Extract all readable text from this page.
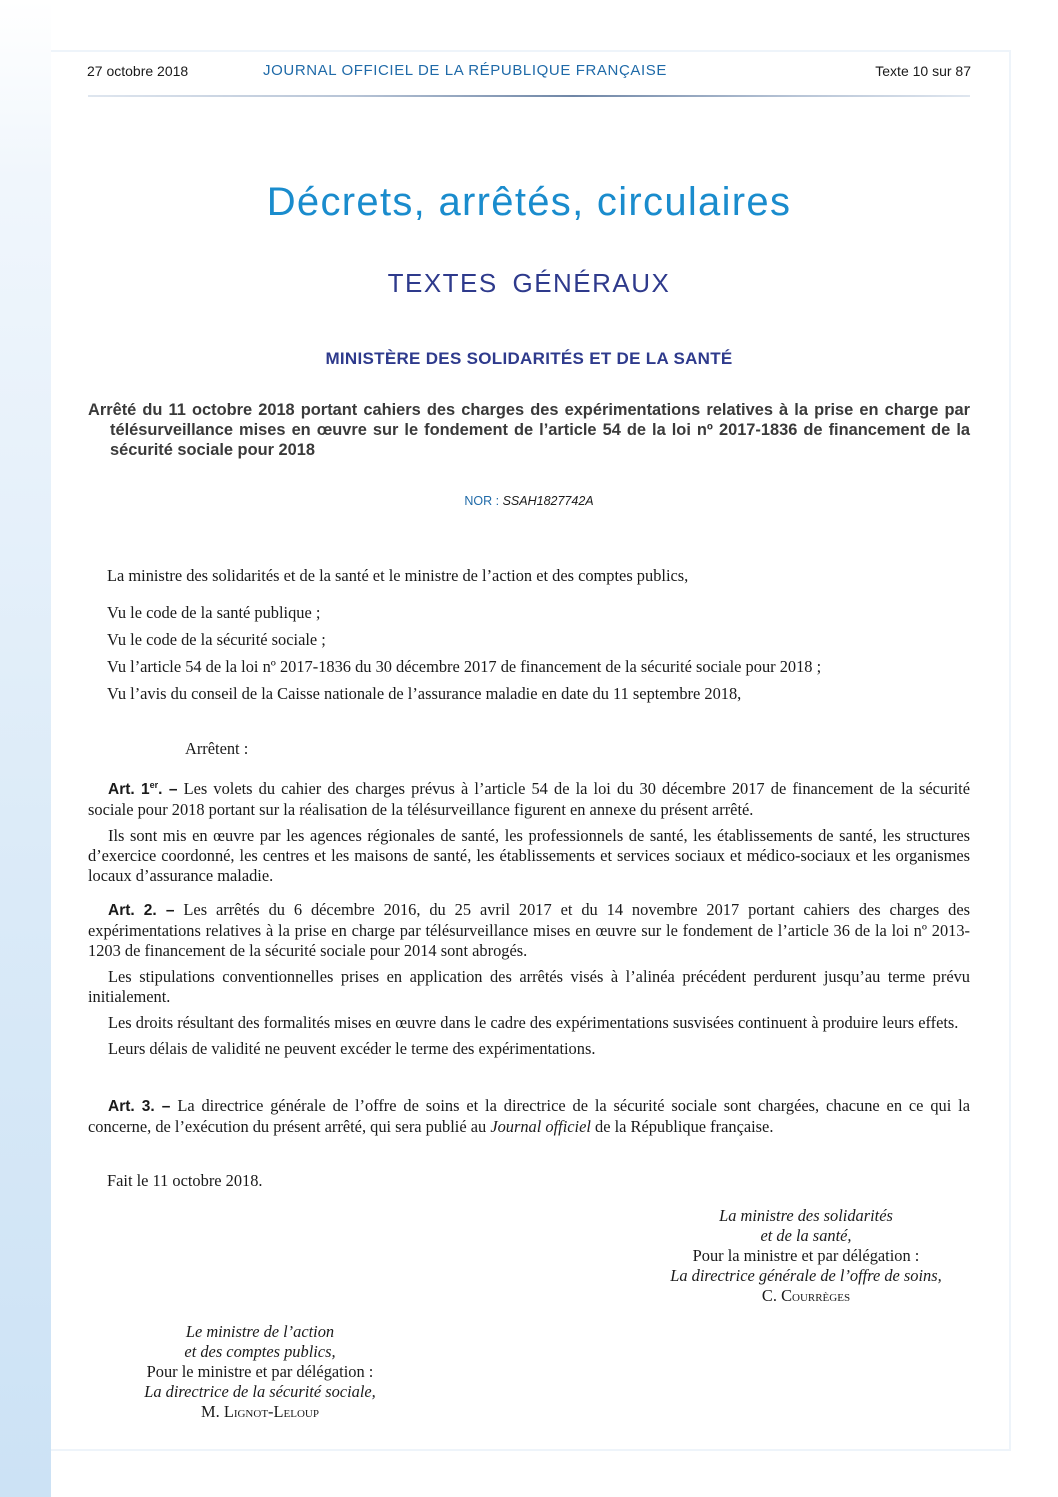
27 octobre 2018	JOURNAL OFFICIEL DE LA RÉPUBLIQUE FRANÇAISE	Texte 10 sur 87
Décrets, arrêtés, circulaires
TEXTES GÉNÉRAUX
MINISTÈRE DES SOLIDARITÉS ET DE LA SANTÉ
Arrêté du 11 octobre 2018 portant cahiers des charges des expérimentations relatives à la prise en charge par télésurveillance mises en œuvre sur le fondement de l’article 54 de la loi nº 2017-1836 de financement de la sécurité sociale pour 2018
NOR : SSAH1827742A
La ministre des solidarités et de la santé et le ministre de l’action et des comptes publics,
Vu le code de la santé publique ;
Vu le code de la sécurité sociale ;
Vu l’article 54 de la loi nº 2017-1836 du 30 décembre 2017 de financement de la sécurité sociale pour 2018 ;
Vu l’avis du conseil de la Caisse nationale de l’assurance maladie en date du 11 septembre 2018,
Arrêtent :

Art. 1er. – Les volets du cahier des charges prévus à l’article 54 de la loi du 30 décembre 2017 de financement de la sécurité sociale pour 2018 portant sur la réalisation de la télésurveillance figurent en annexe du présent arrêté.

Ils sont mis en œuvre par les agences régionales de santé, les professionnels de santé, les établissements de santé, les structures d’exercice coordonné, les centres et les maisons de santé, les établissements et services sociaux et médico-sociaux et les organismes locaux d’assurance maladie.

Art. 2. – Les arrêtés du 6 décembre 2016, du 25 avril 2017 et du 14 novembre 2017 portant cahiers des charges des expérimentations relatives à la prise en charge par télésurveillance mises en œuvre sur le fondement de l’article 36 de la loi nº 2013-1203 de financement de la sécurité sociale pour 2014 sont abrogés.

Les stipulations conventionnelles prises en application des arrêtés visés à l’alinéa précédent perdurent jusqu’au terme prévu initialement.

Les droits résultant des formalités mises en œuvre dans le cadre des expérimentations susvisées continuent à produire leurs effets.

Leurs délais de validité ne peuvent excéder le terme des expérimentations.

Art. 3. – La directrice générale de l’offre de soins et la directrice de la sécurité sociale sont chargées, chacune en ce qui la concerne, de l’exécution du présent arrêté, qui sera publié au Journal officiel de la République française.

Fait le 11 octobre 2018.
La ministre des solidarités
et de la santé,
Pour la ministre et par délégation :
La directrice générale de l’offre de soins,
C. Courrèges
Le ministre de l’action
et des comptes publics,
Pour le ministre et par délégation :
La directrice de la sécurité sociale,
M. Lignot-Leloup
